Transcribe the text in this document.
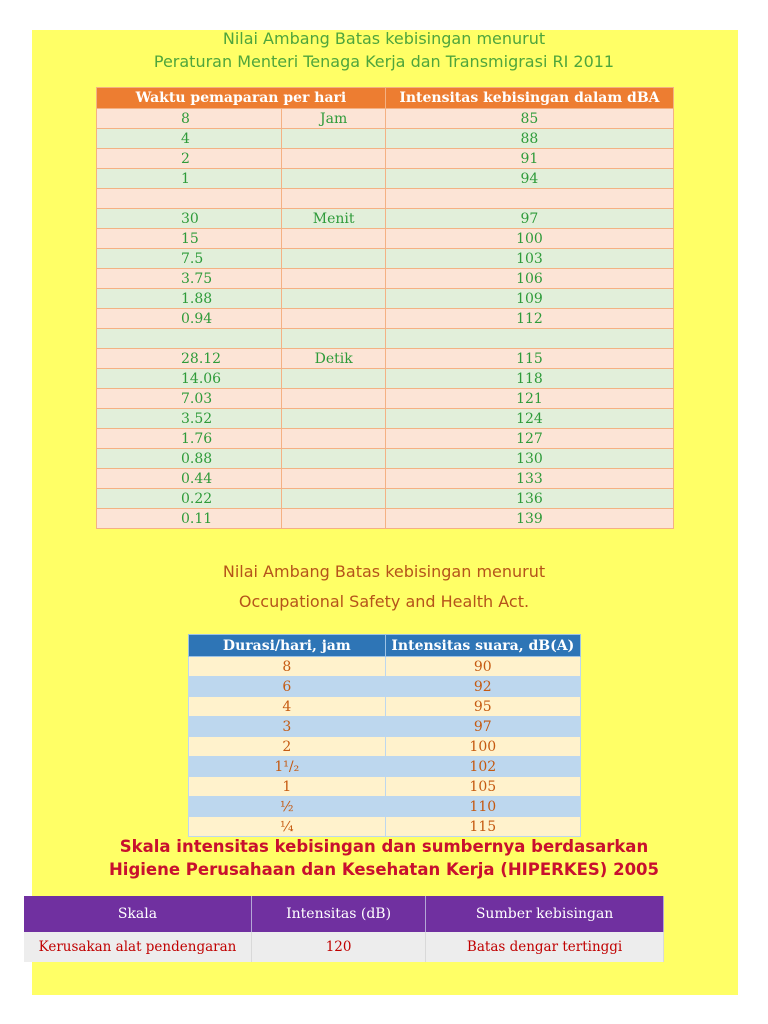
Nilai Ambang Batas kebisingan menurut

Peraturan Menteri Tenaga Kerja dan Transmigrasi RI 2011

Waktu pemaparan per hari		Intensitas kebisingan dalam dBA
8	Jam	85
4		88
2		91
1		94

30	Menit	97
15		100
7.5		103
3.75		106
1.88		109
0.94		112

28.12	Detik	115
14.06		118
7.03		121
3.52		124
1.76		127
0.88		130
0.44		133
0.22		136
0.11		139

Nilai Ambang Batas kebisingan menurut

Occupational Safety and Health Act.

Durasi/hari, jam	Intensitas suara, dB(A)
8	90
6	92
4	95
3	97
2	100
1¹/₂	102
1	105
½	110
¼	115

Skala intensitas kebisingan dan sumbernya berdasarkan

Higiene Perusahaan dan Kesehatan Kerja (HIPERKES) 2005

Skala	Intensitas (dB)	Sumber kebisingan
Kerusakan alat pendengaran	120	Batas dengar tertinggi
